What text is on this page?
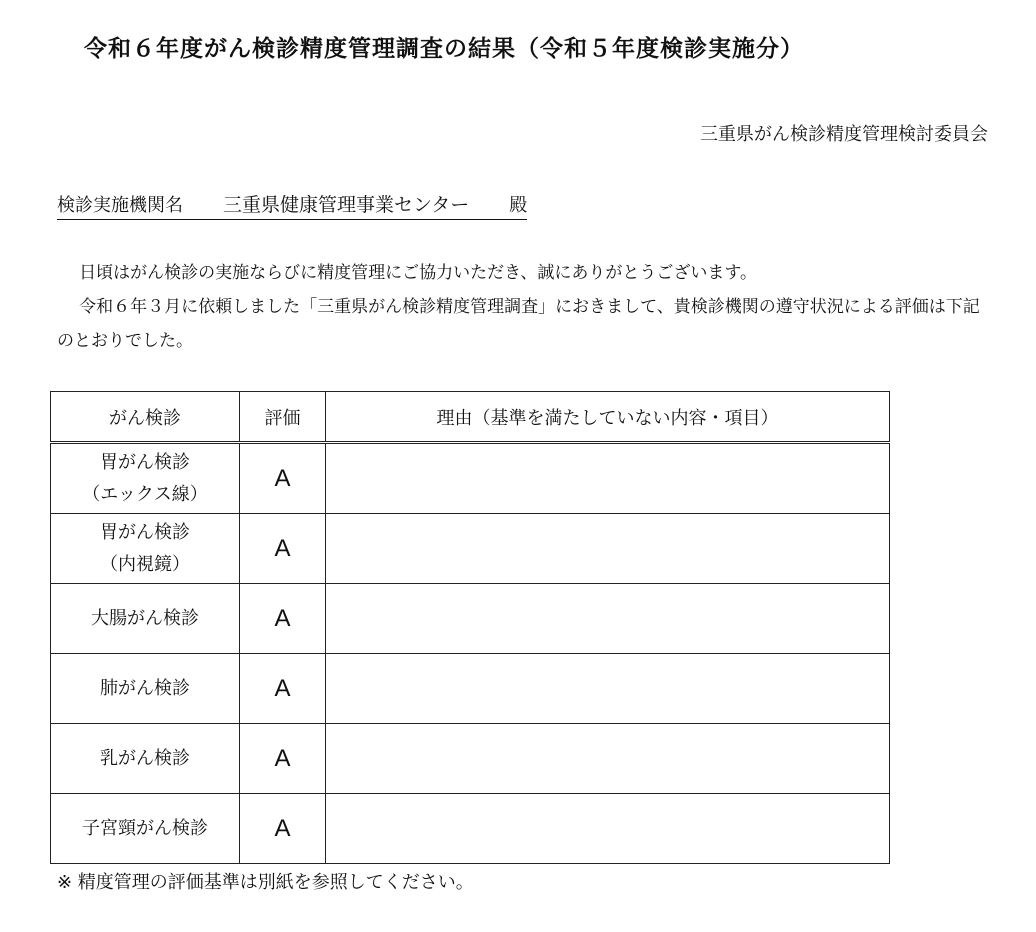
令和６年度がん検診精度管理調査の結果（令和５年度検診実施分）
三重県がん検診精度管理検討委員会
検診実施機関名 三重県健康管理事業センター 殿

日頃はがん検診の実施ならびに精度管理にご協力いただき、誠にありがとうございます。

令和６年３月に依頼しました「三重県がん検診精度管理調査」におきまして、貴検診機関の遵守状況による評価は下記のとおりでした。

がん検診	評価	理由（基準を満たしていない内容・項目）

胃がん検診
（エックス線）	A	

胃がん検診
（内視鏡）	A	

大腸がん検診	A	

肺がん検診	A	

乳がん検診	A	

子宮頸がん検診	A	
※ 精度管理の評価基準は別紙を参照してください。
